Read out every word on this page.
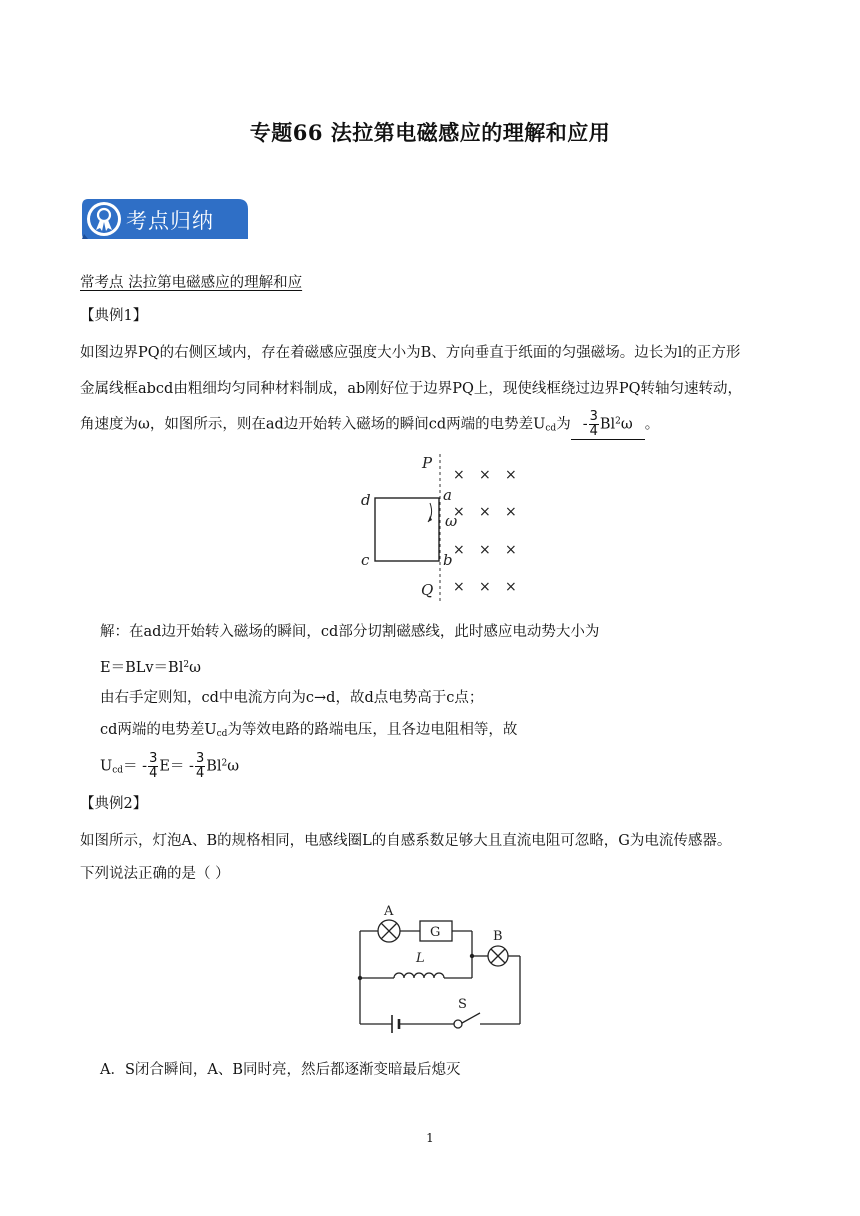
专题66 法拉第电磁感应的理解和应用
考点归纳
常考点 法拉第电磁感应的理解和应
【典例1】
如图边界PQ的右侧区域内，存在着磁感应强度大小为B、方向垂直于纸面的匀强磁场。边长为l的正方形
金属线框abcd由粗细均匀同种材料制成，ab刚好位于边界PQ上，现使线框绕过边界PQ转轴匀速转动，
角速度为ω，如图所示，则在ad边开始转入磁场的瞬间cd两端的电势差$U_{cd}$为 - $\frac{3}{4} Bl^2\omega$ 。
P
Q
a
b
d
c
ω
× × ×
× × ×
× × ×
× × ×
解：在ad边开始转入磁场的瞬间，cd部分切割磁感线，此时感应电动势大小为
$E=BLv=Bl^2\omega$
由右手定则知，cd中电流方向为c→d，故d点电势高于c点；
cd两端的电势差$U_{cd}$为等效电路的路端电压，且各边电阻相等，故
$U_{cd}= - \frac{3}{4} E= - \frac{3}{4} Bl^2\omega$
【典例2】
如图所示，灯泡A、B的规格相同，电感线圈L的自感系数足够大且直流电阻可忽略，G为电流传感器。
下列说法正确的是（ ）
A
G	B
L
S
A．S闭合瞬间，A、B同时亮，然后都逐渐变暗最后熄灭
1
